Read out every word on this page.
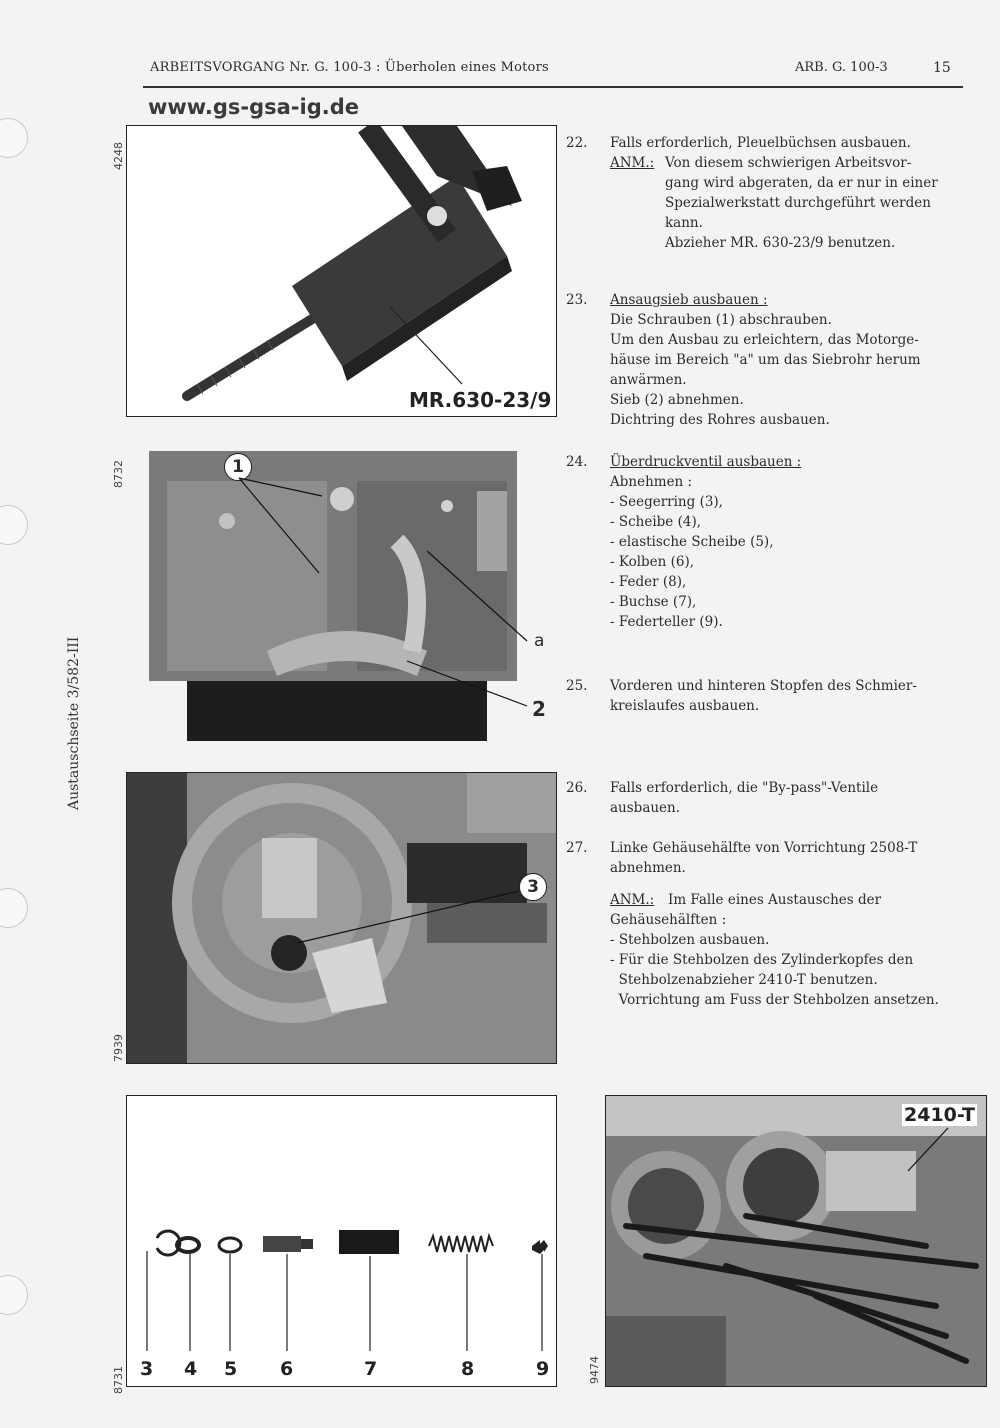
ARBEITSVORGANG Nr. G. 100-3 : Überholen eines Motors	ARB. G. 100-3	15
www.gs-gsa-ig.de
Austauschseite 3/582-III
4248
8732
7939
8731	9474
MR.630-23/9
1
a
2
3
3 4 5 6	7	8	9
2410-T
22. Falls erforderlich, Pleuelbüchsen ausbauen.
ANM.: Von diesem schwierigen Arbeitsvor-
gang wird abgeraten, da er nur in einer
Spezialwerkstatt durchgeführt werden
kann.
Abzieher MR. 630-23/9 benutzen.
23. Ansaugsieb ausbauen :
Die Schrauben (1) abschrauben.
Um den Ausbau zu erleichtern, das Motorge-
häuse im Bereich "a" um das Siebrohr herum
anwärmen.
Sieb (2) abnehmen.
Dichtring des Rohres ausbauen.
24. Überdruckventil ausbauen :
Abnehmen :
- Seegerring (3),
- Scheibe (4),
- elastische Scheibe (5),
- Kolben (6),
- Feder (8),
- Buchse (7),
- Federteller (9).
25. Vorderen und hinteren Stopfen des Schmier-
kreislaufes ausbauen.
26. Falls erforderlich, die "By-pass"-Ventile
ausbauen.
27. Linke Gehäusehälfte von Vorrichtung 2508-T
abnehmen.
ANM.: Im Falle eines Austausches der
Gehäusehälften :
- Stehbolzen ausbauen.
- Für die Stehbolzen des Zylinderkopfes den
Stehbolzenabzieher 2410-T benutzen.
Vorrichtung am Fuss der Stehbolzen ansetzen.
